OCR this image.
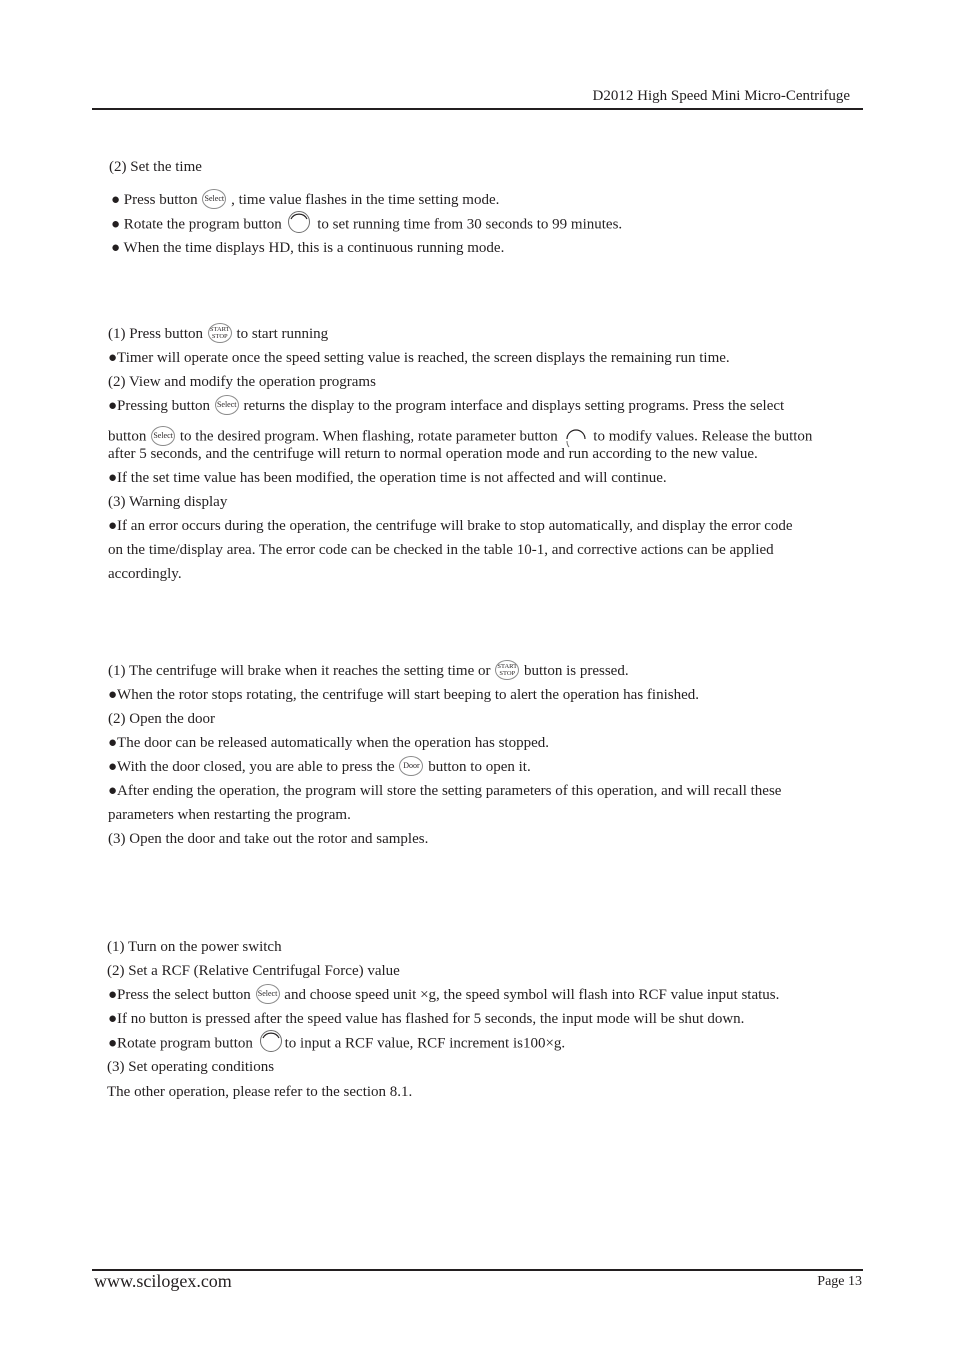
D2012 High Speed Mini Micro-Centrifuge
(2) Set the time
● Press button Select , time value flashes in the time setting mode.
● Rotate the program button  to set running time from 30 seconds to 99 minutes.
● When the time displays HD, this is a continuous running mode.
(1) Press button START
STOP to start running
●Timer will operate once the speed setting value is reached, the screen displays the remaining run time.
(2) View and modify the operation programs
●Pressing button Select returns the display to the program interface and displays setting programs. Press the select
button Select to the desired program. When flashing, rotate parameter button  to modify values. Release the button
after 5 seconds, and the centrifuge will return to normal operation mode and run according to the new value.
●If the set time value has been modified, the operation time is not affected and will continue.
(3) Warning display
●If an error occurs during the operation, the centrifuge will brake to stop automatically, and display the error code
on the time/display area. The error code can be checked in the table 10-1, and corrective actions can be applied
accordingly.
(1) The centrifuge will brake when it reaches the setting time or START
STOP button is pressed.
●When the rotor stops rotating, the centrifuge will start beeping to alert the operation has finished.
(2) Open the door
●The door can be released automatically when the operation has stopped.
●With the door closed, you are able to press the Door button to open it.
●After ending the operation, the program will store the setting parameters of this operation, and will recall these
parameters when restarting the program.
(3) Open the door and take out the rotor and samples.
(1) Turn on the power switch
(2) Set a RCF (Relative Centrifugal Force) value
●Press the select button Select and choose speed unit ×g, the speed symbol will flash into RCF value input status.
●If no button is pressed after the speed value has flashed for 5 seconds, the input mode will be shut down.
●Rotate program button to input a RCF value, RCF increment is100×g.
(3) Set operating conditions
The other operation, please refer to the section 8.1.
www.scilogex.com	Page 13
